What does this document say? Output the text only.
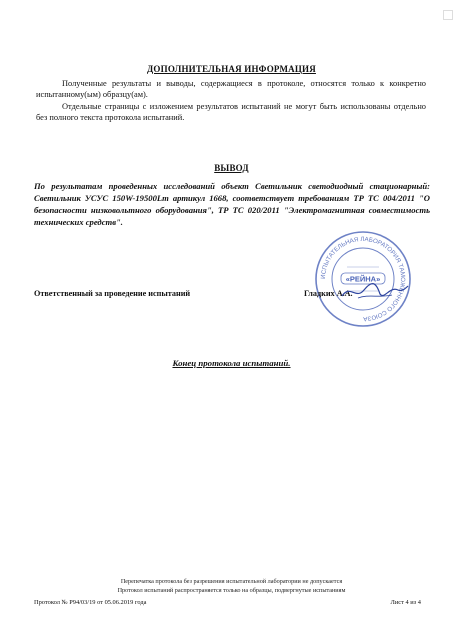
ДОПОЛНИТЕЛЬНАЯ ИНФОРМАЦИЯ
Полученные результаты и выводы, содержащиеся в протоколе, относятся только к конкретно испытанному(ым) образцу(ам).
Отдельные страницы с изложением результатов испытаний не могут быть использованы отдельно без полного текста протокола испытаний.
ВЫВОД
По результатам проведенных исследований объект Светильник светодиодный стационарный: Светильник УСУС 150W-19500Lm артикул 1668, соответствует требованиям ТР ТС 004/2011 "О безопасности низковольтного оборудования", ТР ТС 020/2011 "Электромагнитная совместимость технических средств".
ИСПЫТАТЕЛЬНАЯ ЛАБОРАТОРИЯ ТАМОЖЕННОГО СОЮЗА
«РЕЙНА»
Ответственный за проведение испытаний	Гладких А.А.
Конец протокола испытаний.
Перепечатка протокола без разрешения испытательной лаборатории не допускается
Протокол испытаний распространяется только на образцы, подвергнутые испытаниям
Протокол № Р94/03/19 от 05.06.2019 года	Лист 4 из 4
